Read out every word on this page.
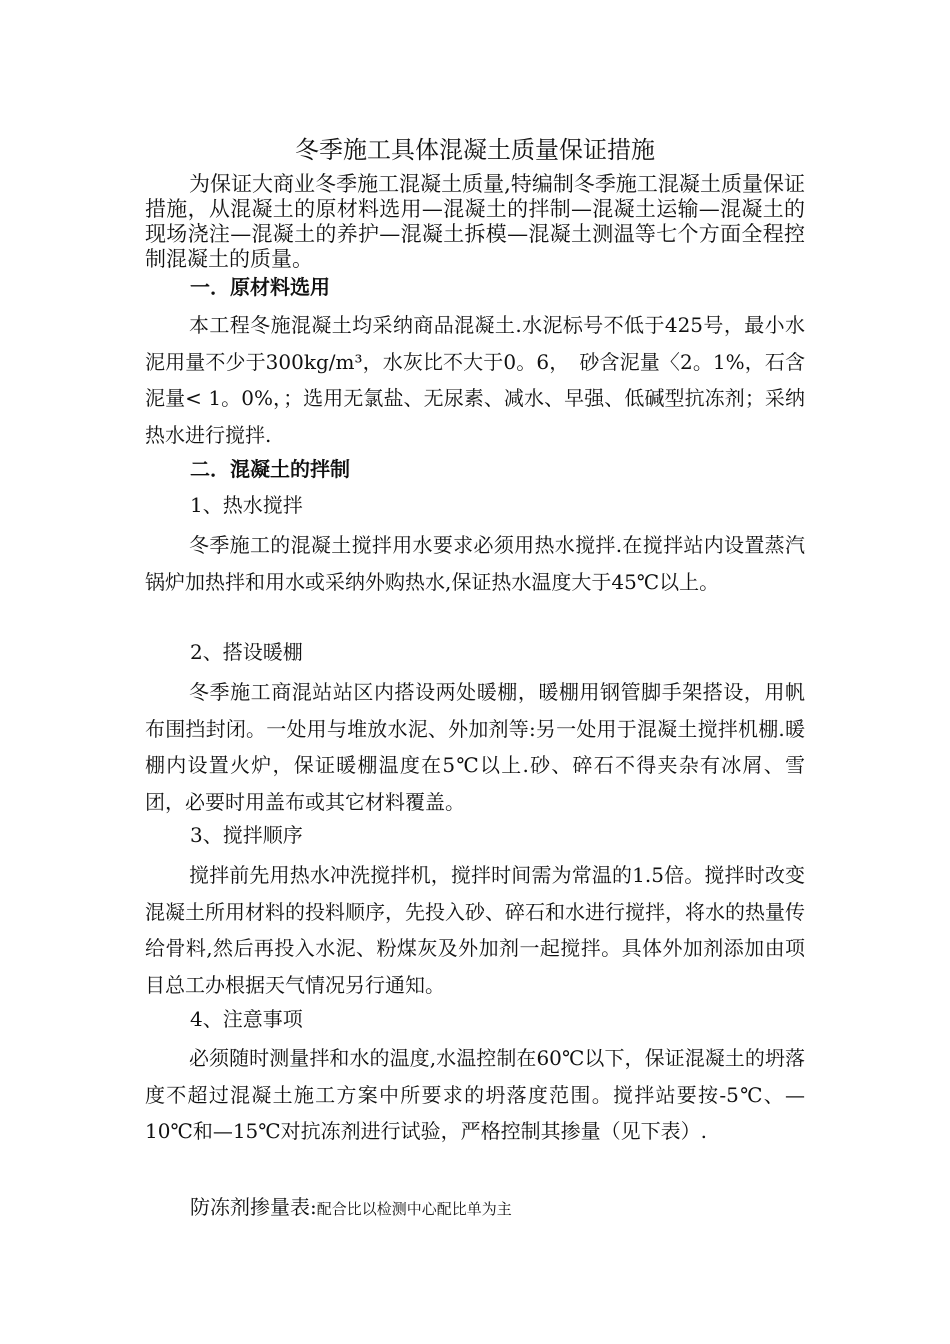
冬季施工具体混凝土质量保证措施

为保证大商业冬季施工混凝土质量,特编制冬季施工混凝土质量保证措施，从混凝土的原材料选用—混凝土的拌制—混凝土运输—混凝土的现场浇注—混凝土的养护—混凝土拆模—混凝土测温等七个方面全程控制混凝土的质量。

一．原材料选用

本工程冬施混凝土均采纳商品混凝土.水泥标号不低于425号，最小水泥用量不少于300kg/m³，水灰比不大于0。6，　砂含泥量〈2。1%，石含泥量< 1。0%，；选用无氯盐、无尿素、减水、早强、低碱型抗冻剂；采纳热水进行搅拌.

二．混凝土的拌制

1、热水搅拌

冬季施工的混凝土搅拌用水要求必须用热水搅拌.在搅拌站内设置蒸汽锅炉加热拌和用水或采纳外购热水,保证热水温度大于45℃以上。

2、搭设暖棚

冬季施工商混站站区内搭设两处暖棚，暖棚用钢管脚手架搭设，用帆布围挡封闭。一处用与堆放水泥、外加剂等:另一处用于混凝土搅拌机棚.暖棚内设置火炉，保证暖棚温度在5℃以上.砂、碎石不得夹杂有冰屑、雪团，必要时用盖布或其它材料覆盖。

3、搅拌顺序

搅拌前先用热水冲洗搅拌机，搅拌时间需为常温的1.5倍。搅拌时改变混凝土所用材料的投料顺序，先投入砂、碎石和水进行搅拌，将水的热量传给骨料,然后再投入水泥、粉煤灰及外加剂一起搅拌。具体外加剂添加由项目总工办根据天气情况另行通知。

4、注意事项

必须随时测量拌和水的温度,水温控制在60℃以下，保证混凝土的坍落度不超过混凝土施工方案中所要求的坍落度范围。搅拌站要按-5℃、—10℃和—15℃对抗冻剂进行试验，严格控制其掺量（见下表）.

防冻剂掺量表:配合比以检测中心配比单为主
